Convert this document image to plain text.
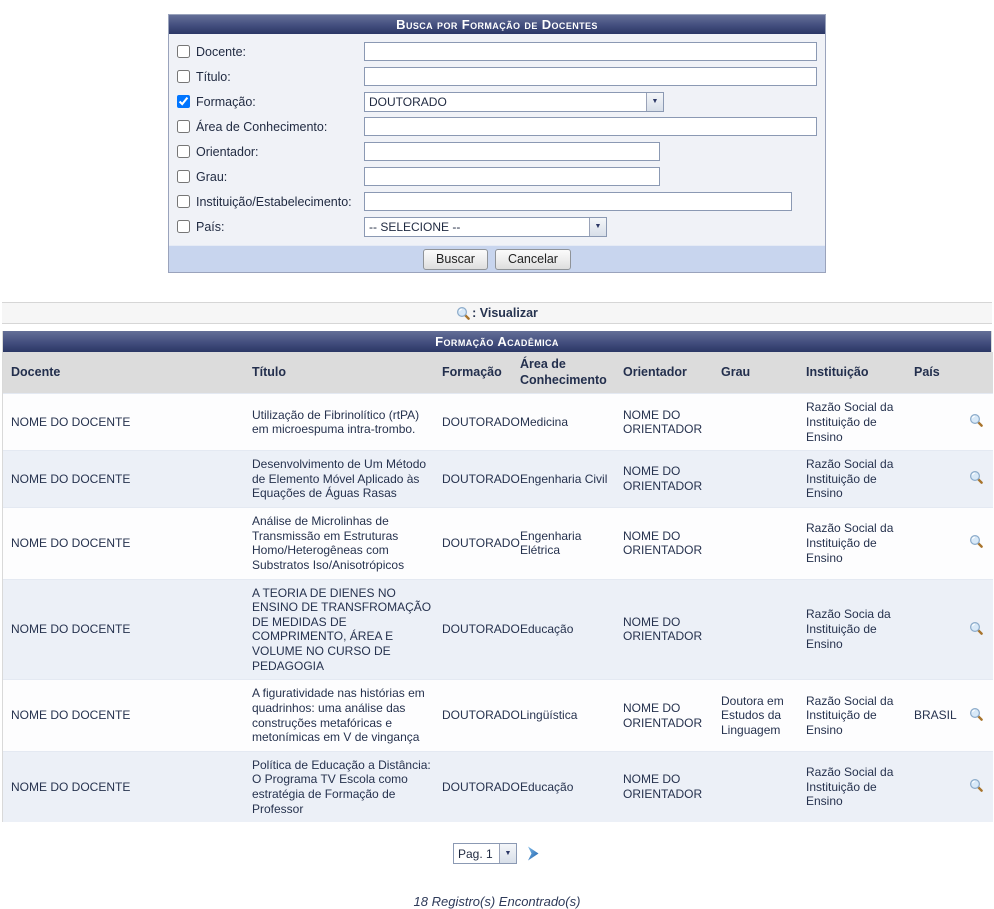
Busca por Formação de Docentes
Docente:
Título:
Formação:	DOUTORADO	▼
Área de Conhecimento:
Orientador:
Grau:
Instituição/Estabelecimento:
País:	-- SELECIONE --	▼
Buscar	Cancelar
: Visualizar
Formação Acadêmica
Docente	Título	Formação	Área de Conhecimento	Orientador	Grau	Instituição	País	
NOME DO DOCENTE	Utilização de Fibrinolítico (rtPA) em microespuma intra-trombo.	DOUTORADO	Medicina	NOME DO ORIENTADOR		Razão Social da Instituição de Ensino		
NOME DO DOCENTE	Desenvolvimento de Um Método de Elemento Móvel Aplicado às Equações de Águas Rasas	DOUTORADO	Engenharia Civil	NOME DO ORIENTADOR		Razão Social da Instituição de Ensino		
NOME DO DOCENTE	Análise de Microlinhas de Transmissão em Estruturas Homo/Heterogêneas com Substratos Iso/Anisotrópicos	DOUTORADO	Engenharia Elétrica	NOME DO ORIENTADOR		Razão Social da Instituição de Ensino		
NOME DO DOCENTE	A TEORIA DE DIENES NO ENSINO DE TRANSFROMAÇÃO DE MEDIDAS DE COMPRIMENTO, ÁREA E VOLUME NO CURSO DE PEDAGOGIA	DOUTORADO	Educação	NOME DO ORIENTADOR		Razão Socia da Instituição de Ensino		
NOME DO DOCENTE	A figuratividade nas histórias em quadrinhos: uma análise das construções metafóricas e metonímicas em V de vingança	DOUTORADO	Lingüística	NOME DO ORIENTADOR	Doutora em Estudos da Linguagem	Razão Social da Instituição de Ensino	BRASIL	
NOME DO DOCENTE	Política de Educação a Distância: O Programa TV Escola como estratégia de Formação de Professor	DOUTORADO	Educação	NOME DO ORIENTADOR		Razão Social da Instituição de Ensino		
Pag. 1	▼
18 Registro(s) Encontrado(s)
